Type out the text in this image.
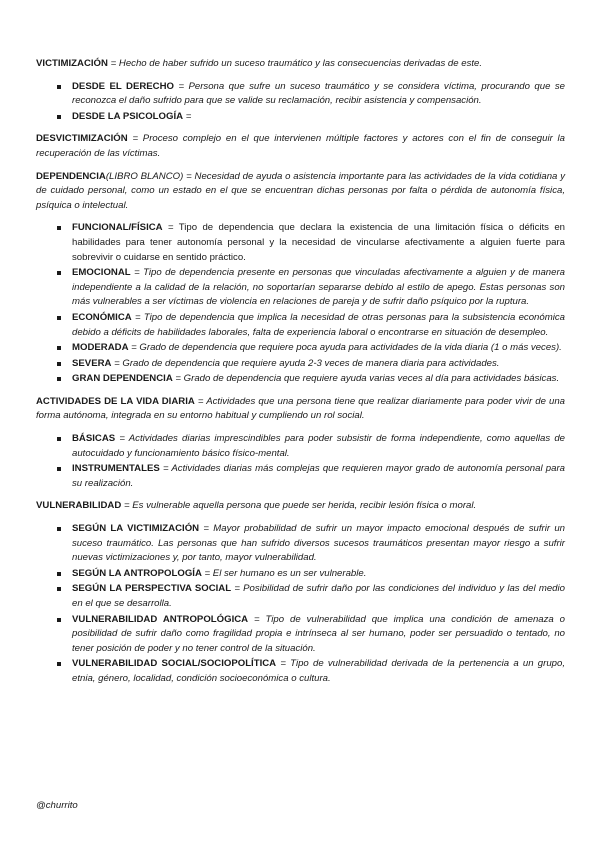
VICTIMIZACIÓN = Hecho de haber sufrido un suceso traumático y las consecuencias derivadas de este.

DESDE EL DERECHO = Persona que sufre un suceso traumático y se considera víctima, procurando que se reconozca el daño sufrido para que se valide su reclamación, recibir asistencia y compensación.
DESDE LA PSICOLOGÍA =

DESVICTIMIZACIÓN = Proceso complejo en el que intervienen múltiple factores y actores con el fin de conseguir la recuperación de las víctimas.

DEPENDENCIA(LIBRO BLANCO) = Necesidad de ayuda o asistencia importante para las actividades de la vida cotidiana y de cuidado personal, como un estado en el que se encuentran dichas personas por falta o pérdida de autonomía física, psíquica o intelectual.

FUNCIONAL/FÍSICA = Tipo de dependencia que declara la existencia de una limitación física o déficits en habilidades para tener autonomía personal y la necesidad de vincularse afectivamente a alguien fuerte para sobrevivir o cuidarse en sentido práctico.
EMOCIONAL = Tipo de dependencia presente en personas que vinculadas afectivamente a alguien y de manera independiente a la calidad de la relación, no soportarían separarse debido al estilo de apego. Estas personas son más vulnerables a ser víctimas de violencia en relaciones de pareja y de sufrir daño psíquico por la ruptura.
ECONÓMICA = Tipo de dependencia que implica la necesidad de otras personas para la subsistencia económica debido a déficits de habilidades laborales, falta de experiencia laboral o encontrarse en situación de desempleo.
MODERADA = Grado de dependencia que requiere poca ayuda para actividades de la vida diaria (1 o más veces).
SEVERA = Grado de dependencia que requiere ayuda 2-3 veces de manera diaria para actividades.
GRAN DEPENDENCIA = Grado de dependencia que requiere ayuda varias veces al día para actividades básicas.

ACTIVIDADES DE LA VIDA DIARIA = Actividades que una persona tiene que realizar diariamente para poder vivir de una forma autónoma, integrada en su entorno habitual y cumpliendo un rol social.

BÁSICAS = Actividades diarias imprescindibles para poder subsistir de forma independiente, como aquellas de autocuidado y funcionamiento básico físico-mental.
INSTRUMENTALES = Actividades diarias más complejas que requieren mayor grado de autonomía personal para su realización.

VULNERABILIDAD = Es vulnerable aquella persona que puede ser herida, recibir lesión física o moral.

SEGÚN LA VICTIMIZACIÓN = Mayor probabilidad de sufrir un mayor impacto emocional después de sufrir un suceso traumático. Las personas que han sufrido diversos sucesos traumáticos presentan mayor riesgo a sufrir nuevas victimizaciones y, por tanto, mayor vulnerabilidad.
SEGÚN LA ANTROPOLOGÍA = El ser humano es un ser vulnerable.
SEGÚN LA PERSPECTIVA SOCIAL = Posibilidad de sufrir daño por las condiciones del individuo y las del medio en el que se desarrolla.
VULNERABILIDAD ANTROPOLÓGICA = Tipo de vulnerabilidad que implica una condición de amenaza o posibilidad de sufrir daño como fragilidad propia e intrínseca al ser humano, poder ser persuadido o tentado, no tener posición de poder y no tener control de la situación.
VULNERABILIDAD SOCIAL/SOCIOPOLÍTICA = Tipo de vulnerabilidad derivada de la pertenencia a un grupo, etnia, género, localidad, condición socioeconómica o cultura.
@churrito
